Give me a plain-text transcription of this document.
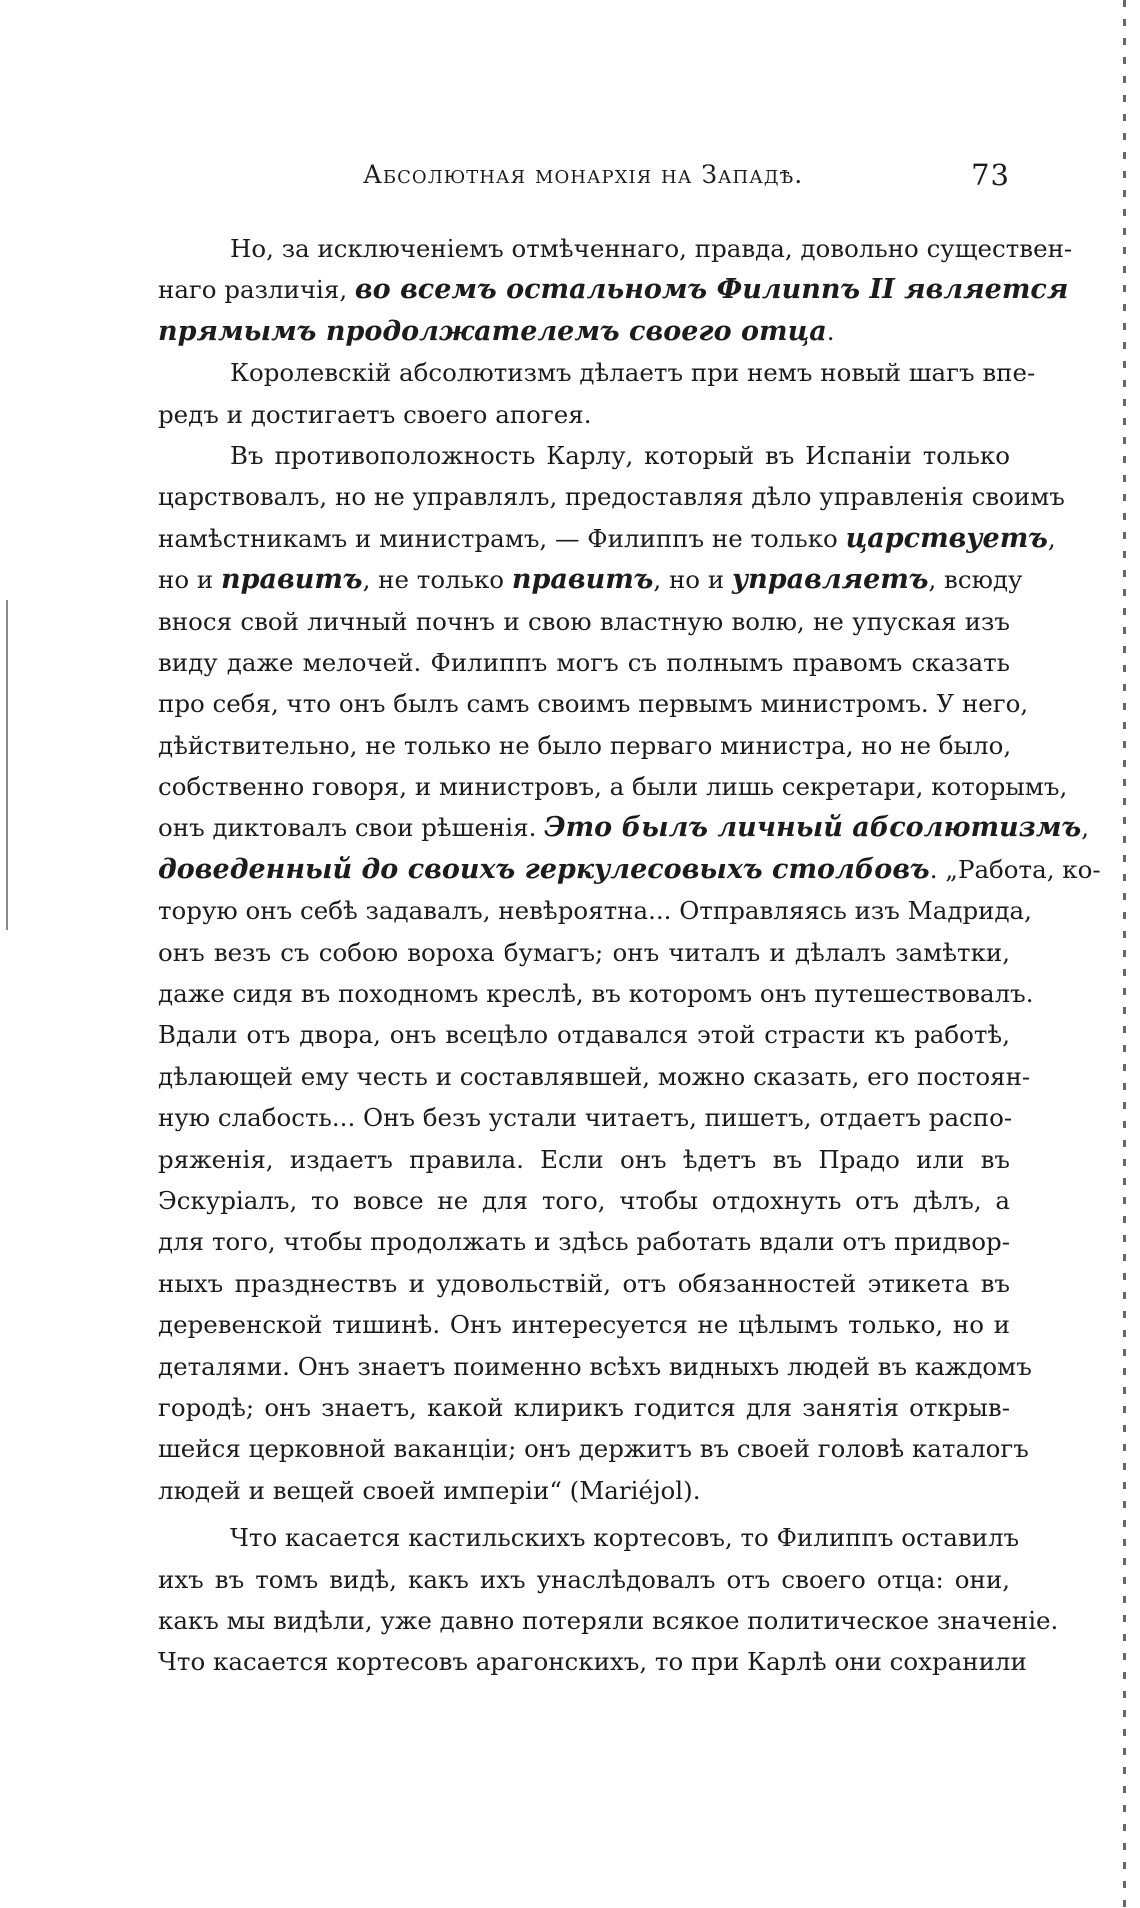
Абсолютная монархія на Западѣ.	73
Но, за исключеніемъ отмѣченнаго, правда, довольно существен-
наго различія, во всемъ остальномъ Филиппъ II является
прямымъ продолжателемъ своего отца.
Королевскій абсолютизмъ дѣлаетъ при немъ новый шагъ впе-
редъ и достигаетъ своего апогея.
Въ противоположность Карлу, который въ Испаніи только
царствовалъ, но не управлялъ, предоставляя дѣло управленія своимъ
намѣстникамъ и министрамъ, — Филиппъ не только царствуетъ,
но и правитъ, не только правитъ, но и управляетъ, всюду
внося свой личный почнъ и свою властную волю, не упуская изъ
виду даже мелочей. Филиппъ могъ съ полнымъ правомъ сказать
про себя, что онъ былъ самъ своимъ первымъ министромъ. У него,
дѣйствительно, не только не было перваго министра, но не было,
собственно говоря, и министровъ, а были лишь секретари, которымъ,
онъ диктовалъ свои рѣшенія. Это былъ личный абсолютизмъ,
доведенный до своихъ геркулесовыхъ столбовъ. „Работа, ко-
торую онъ себѣ задавалъ, невѣроятна... Отправляясь изъ Мадрида,
онъ везъ съ собою вороха бумагъ; онъ читалъ и дѣлалъ замѣтки,
даже сидя въ походномъ креслѣ, въ которомъ онъ путешествовалъ.
Вдали отъ двора, онъ всецѣло отдавался этой страсти къ работѣ,
дѣлающей ему честь и составлявшей, можно сказать, его постоян-
ную слабость... Онъ безъ устали читаетъ, пишетъ, отдаетъ распо-
ряженія, издаетъ правила. Если онъ ѣдетъ въ Прадо или въ
Эскуріалъ, то вовсе не для того, чтобы отдохнуть отъ дѣлъ, а
для того, чтобы продолжать и здѣсь работать вдали отъ придвор-
ныхъ празднествъ и удовольствій, отъ обязанностей этикета въ
деревенской тишинѣ. Онъ интересуется не цѣлымъ только, но и
деталями. Онъ знаетъ поименно всѣхъ видныхъ людей въ каждомъ
городѣ; онъ знаетъ, какой клирикъ годится для занятія открыв-
шейся церковной ваканціи; онъ держитъ въ своей головѣ каталогъ
людей и вещей своей имперіи“ (Mariéjol).
Что касается кастильскихъ кортесовъ, то Филиппъ оставилъ
ихъ въ томъ видѣ, какъ ихъ унаслѣдовалъ отъ своего отца: они,
какъ мы видѣли, уже давно потеряли всякое политическое значеніе.
Что касается кортесовъ арагонскихъ, то при Карлѣ они сохранили
